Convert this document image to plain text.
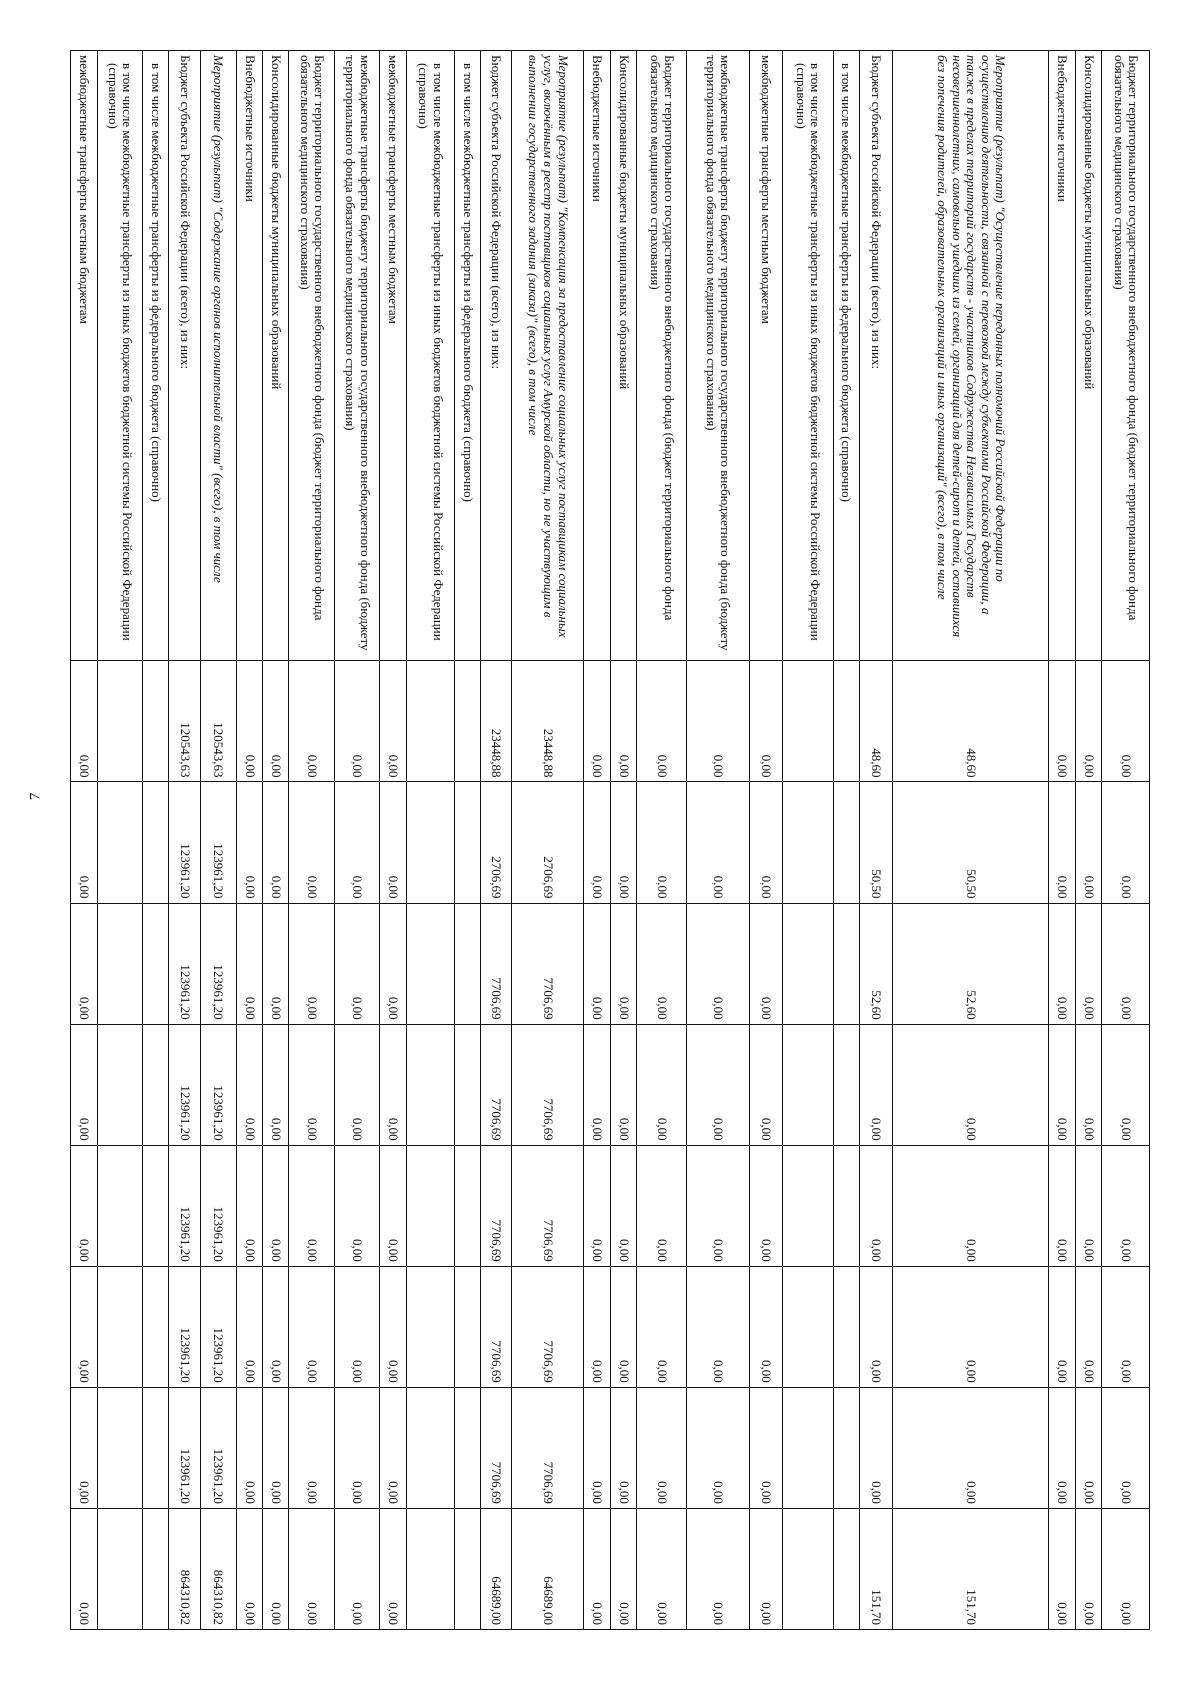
7
Бюджет территориального государственного внебюджетного фонда (бюджет территориального фонда обязательного медицинского страхования)	0,00	0,00	0,00	0,00	0,00	0,00	0,00	0,00
Консолидированные бюджеты муниципальных образований	0,00	0,00	0,00	0,00	0,00	0,00	0,00	0,00
Внебюджетные источники	0,00	0,00	0,00	0,00	0,00	0,00	0,00	0,00
Мероприятие (результат) "Осуществление переданных полномочий Российской Федерации по осуществлению деятельности, связанной с перевозкой между субъектами Российской Федерации, а также в пределах территорий государств - участников Содружества Независимых Государств несовершеннолетних, самовольно ушедших из семей, организаций для детей-сирот и детей, оставшихся без попечения родителей, образовательных организаций и иных организаций" (всего), в том числе	48,60	50,50	52,60	0,00	0,00	0,00	0,00	151,70
Бюджет субъекта Российской Федерации (всего), из них:	48,60	50,50	52,60	0,00	0,00	0,00	0,00	151,70
в том числе межбюджетные трансферты из федерального бюджета (справочно)								
в том числе межбюджетные трансферты из иных бюджетов бюджетной системы Российской Федерации (справочно)								
межбюджетные трансферты местным бюджетам	0,00	0,00	0,00	0,00	0,00	0,00	0,00	0,00
межбюджетные трансферты бюджету территориального государственного внебюджетного фонда (бюджету территориального фонда обязательного медицинского страхования)	0,00	0,00	0,00	0,00	0,00	0,00	0,00	0,00
Бюджет территориального государственного внебюджетного фонда (бюджет территориального фонда обязательного медицинского страхования)	0,00	0,00	0,00	0,00	0,00	0,00	0,00	0,00
Консолидированные бюджеты муниципальных образований	0,00	0,00	0,00	0,00	0,00	0,00	0,00	0,00
Внебюджетные источники	0,00	0,00	0,00	0,00	0,00	0,00	0,00	0,00
Мероприятие (результат) "Компенсация за предоставление социальных услуг поставщикам социальных услуг, включённым в реестр поставщиков социальных услуг Амурской области, но не участвующим в выполнении государственного задания (заказа)" (всего), в том числе	23448,88	2706,69	7706,69	7706,69	7706,69	7706,69	7706,69	64689,00
Бюджет субъекта Российской Федерации (всего), из них:	23448,88	2706,69	7706,69	7706,69	7706,69	7706,69	7706,69	64689,00
в том числе межбюджетные трансферты из федерального бюджета (справочно)								
в том числе межбюджетные трансферты из иных бюджетов бюджетной системы Российской Федерации (справочно)								
межбюджетные трансферты местным бюджетам	0,00	0,00	0,00	0,00	0,00	0,00	0,00	0,00
межбюджетные трансферты бюджету территориального государственного внебюджетного фонда (бюджету территориального фонда обязательного медицинского страхования)	0,00	0,00	0,00	0,00	0,00	0,00	0,00	0,00
Бюджет территориального государственного внебюджетного фонда (бюджет территориального фонда обязательного медицинского страхования)	0,00	0,00	0,00	0,00	0,00	0,00	0,00	0,00
Консолидированные бюджеты муниципальных образований	0,00	0,00	0,00	0,00	0,00	0,00	0,00	0,00
Внебюджетные источники	0,00	0,00	0,00	0,00	0,00	0,00	0,00	0,00
Мероприятие (результат) "Содержание органов исполнительной власти" (всего), в том числе	120543,63	123961,20	123961,20	123961,20	123961,20	123961,20	123961,20	864310,82
Бюджет субъекта Российской Федерации (всего), из них:	120543,63	123961,20	123961,20	123961,20	123961,20	123961,20	123961,20	864310,82
в том числе межбюджетные трансферты из федерального бюджета (справочно)								
в том числе межбюджетные трансферты из иных бюджетов бюджетной системы Российской Федерации (справочно)								
межбюджетные трансферты местным бюджетам	0,00	0,00	0,00	0,00	0,00	0,00	0,00	0,00
